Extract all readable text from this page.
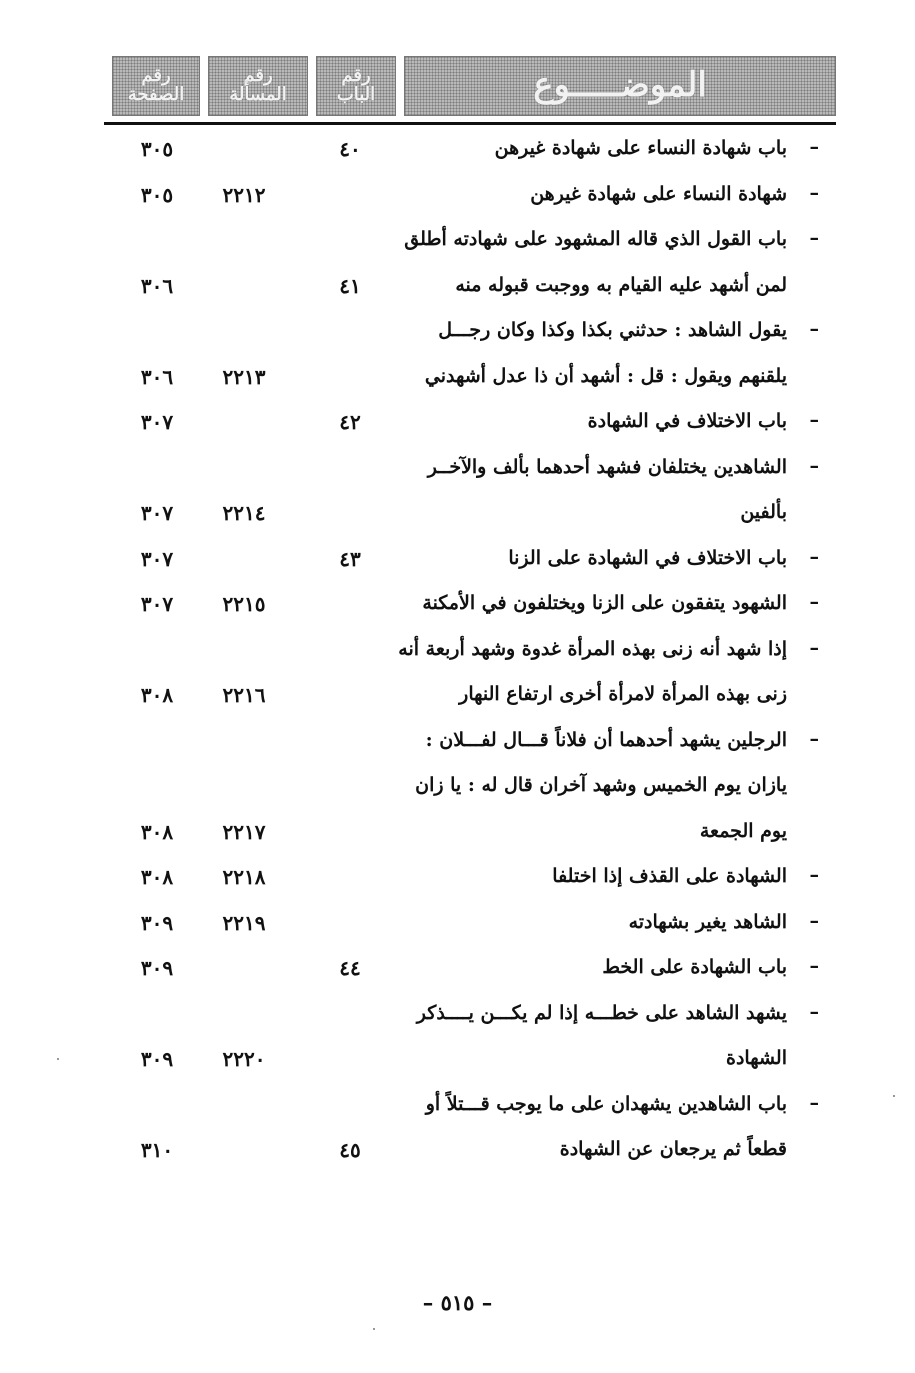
رقم
الصفحة
رقم
المسألة
رقم
الباب	الموضـــــوع
–
باب شهادة النساء على شهادة غيرهن
٤٠
٣٠٥
–
شهادة النساء على شهادة غيرهن
٢٢١٢
٣٠٥
–
باب القول الذي قاله المشهود على شهادته أطلق
لمن أشهد عليه القيام به ووجبت قبوله منه
٤١
٣٠٦
–
يقول الشاهد : حدثني بكذا وكذا وكان رجـــل
يلقنهم ويقول : قل : أشهد أن ذا عدل أشهدني
٢٢١٣
٣٠٦
–
باب الاختلاف في الشهادة
٤٢
٣٠٧
–
الشاهدين يختلفان فشهد أحدهما بألف والآخــر
بألفين
٢٢١٤
٣٠٧
–
باب الاختلاف في الشهادة على الزنا
٤٣
٣٠٧
–
الشهود يتفقون على الزنا ويختلفون في الأمكنة
٢٢١٥
٣٠٧
–
إذا شهد أنه زنى بهذه المرأة غدوة وشهد أربعة أنه
زنى بهذه المرأة لامرأة أخرى ارتفاع النهار
٢٢١٦
٣٠٨
–
الرجلين يشهد أحدهما أن فلاناً قـــال لفـــلان :
يازان يوم الخميس وشهد آخران قال له : يا زان
يوم الجمعة
٢٢١٧
٣٠٨
–
الشهادة على القذف إذا اختلفا
٢٢١٨
٣٠٨
–
الشاهد يغير بشهادته
٢٢١٩
٣٠٩
–
باب الشهادة على الخط
٤٤
٣٠٩
–
يشهد الشاهد على خطـــه إذا لم يكـــن يــــذكر
الشهادة
٢٢٢٠
٣٠٩
–
باب الشاهدين يشهدان على ما يوجب قـــتلاً أو
قطعاً ثم يرجعان عن الشهادة
٤٥
٣١٠
– ٥١٥ –
